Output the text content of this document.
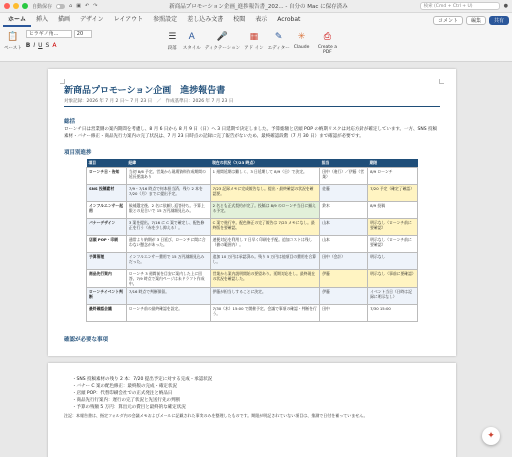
自動保存	⌂ ▣ ↶ ↷	新商品プロモーション企画_進捗報告書_202... - 自分の Mac に保存済み	検索 (Cmd + Ctrl + U)	●
ホーム	挿入	描画	デザイン	レイアウト	参照設定	差し込み文書	校閲	表示	Acrobat	コメント	編集	共有
📋
ペースト
ヒラギノ角...	20
B I U S A
☰
段落
A
スタイル
🎤
ディクテーション
▦
アド イン
✎
エディター
✳
Claude
⎙
Create a PDF
新商品プロモーション企画　進捗報告書
対象記録：2026 年 7 月 2 日〜 7 月 23 日　／　作成基準日：2026 年 7 月 23 日
総括
ローンチ日は営業側の案内期間を考慮し、8 月 6 日から 8 月 9 日（日）へ 3 日延期で決定しました。予算総額と店頭 POP の納期リスクは対応方針が確定しています。一方、SNS 投稿素材・バナー修正・商品先行力案内の完了状況は、7 月 23 日時点の記録に完了報告がないため、最終確認段階（7 月 30 日）まで確認が必要です。
項目別進捗
項目	経緯	現在の状況（7/23 時点）	担当	期限
ローンチ日・告知	当初 8/6 予定。営業から現場資料作成期間の延長要請あり	1 週間延期は難しく、3 日延期して 8/9（日）で決定。	田中（進行）／伊藤（営業）	8/9 ローンチ
SNS 投稿素材	7/9・7/16 時点で何本担当済、残り 2 本を 7/20（月）までに提出予定。	7/23 記録メモに完成報告なし。提出・最終確認の状況を確認要。	佐藤	7/20 予定（確定了確認）
インフルエンサー起用	候補選定後、2 名に依頼し返答待ち。予算上限との見合いで 15 万円減額見込み。	2 名とも正式契約が完了。投稿は 8/9 のローンチ当日に揃える予定。	鈴木	8/9 投稿
バナーデザイン	3 案を提出。7/16 に C 案で確定し、配色修正を行う（赤を少し抑える）。	C 案で進行中。配色修正の完了報告は 7/23 メモになし。最終版を要確認。	山本	明示なし（ローンチ前に要確認）
店頭 POP・印刷	通常より納期が 3 日延び、ローンチに間に合わない懸念があった。	速便対応を利用し 7 日早く印刷を手配。追加コストは残し（値の範囲内）。	山本	明示なし（ローンチ前に要確認）
予算管理	インフルエンサー費用で 15 万円減額見込みだった。	追加 10 万円は承認済み。残り 5 万円は他項目の費用を合算し。	田中（会計）	明示なし
商品先行案内	ローンチ 3 週間前を目安に案内した上に回答。7/9 時点で案内ページは未ドラフト作成中。	営業から案内説明開始の要望あり。延期対応をし。最終現在の状況を確認した。	伊藤	明示なし（事前に要確認）
ローンチイベント判断	7/16 時点で判断保留。	伊藤が担当しすることに決定。	伊藤	イベント当日（日時は記録に明示なし）
最終確認会議	ローンチ前の最終確認を設定。	7/30（木）15:00 で開催予定。会議で事項の確認・判断を行う。	田中	7/30 15:00
確認が必要な事項
・SNS 投稿素材の残り 2 本：7/20 提出予定に対する完成・承認状況
・バナー C 案の配色修正：最終版の完成・確定状況
・店頭 POP：代替印刷会社での正式発注と納品日
・商品先行行案内：遅行の完了状況と先送行先の判断
・予算の残額 5 万円：算出元の費目と最終的な確定状況
注記：本報告書は、指定フォルダ内の会議メモおよびメールに記載された事実のみを整理したものです。期限が明記されていない項目は、推測で日付を補っていません。
✦
